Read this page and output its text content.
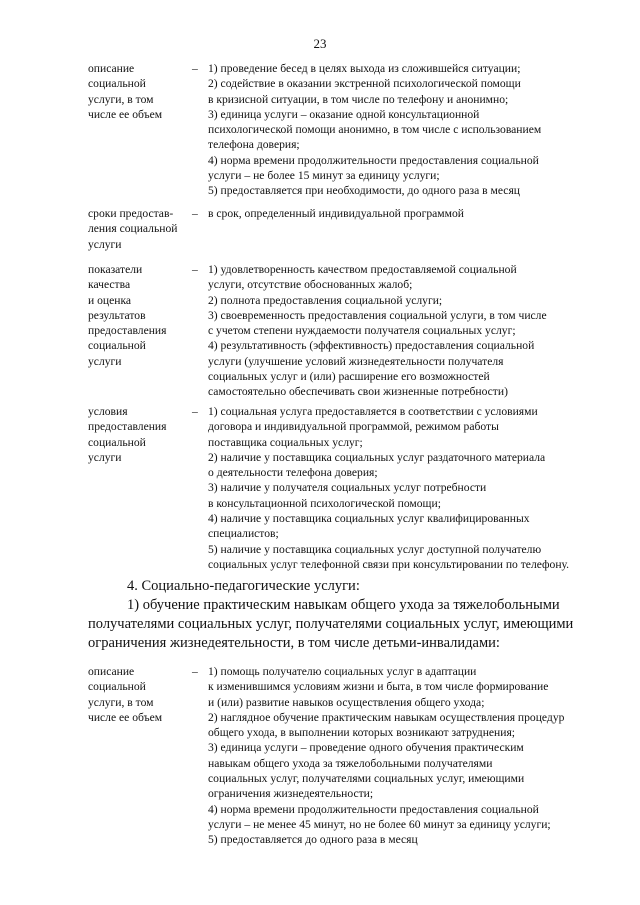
23
описание
социальной
услуги, в том
числе ее объем
– 1) проведение бесед в целях выхода из сложившейся ситуации;
2) содействие в оказании экстренной психологической помощи
в кризисной ситуации, в том числе по телефону и анонимно;
3) единица услуги – оказание одной консультационной
психологической помощи анонимно, в том числе с использованием
телефона доверия;
4) норма времени продолжительности предоставления социальной
услуги – не более 15 минут за единицу услуги;
5) предоставляется при необходимости, до одного раза в месяц
сроки предостав-
ления социальной
услуги
– в срок, определенный индивидуальной программой
показатели
качества
и оценка
результатов
предоставления
социальной
услуги
– 1) удовлетворенность качеством предоставляемой социальной
услуги, отсутствие обоснованных жалоб;
2) полнота предоставления социальной услуги;
3) своевременность предоставления социальной услуги, в том числе
с учетом степени нуждаемости получателя социальных услуг;
4) результативность (эффективность) предоставления социальной
услуги (улучшение условий жизнедеятельности получателя
социальных услуг и (или) расширение его возможностей
самостоятельно обеспечивать свои жизненные потребности)
условия
предоставления
социальной
услуги
– 1) социальная услуга предоставляется в соответствии с условиями
договора и индивидуальной программой, режимом работы
поставщика социальных услуг;
2) наличие у поставщика социальных услуг раздаточного материала
о деятельности телефона доверия;
3) наличие у получателя социальных услуг потребности
в консультационной психологической помощи;
4) наличие у поставщика социальных услуг квалифицированных
специалистов;
5) наличие у поставщика социальных услуг доступной получателю
социальных услуг телефонной связи при консультировании по телефону.
4. Социально-педагогические услуги:
1) обучение практическим навыкам общего ухода за тяжелобольными
получателями социальных услуг, получателями социальных услуг, имеющими
ограничения жизнедеятельности, в том числе детьми-инвалидами:
описание
социальной
услуги, в том
числе ее объем
– 1) помощь получателю социальных услуг в адаптации
к изменившимся условиям жизни и быта, в том числе формирование
и (или) развитие навыков осуществления общего ухода;
2) наглядное обучение практическим навыкам осуществления процедур
общего ухода, в выполнении которых возникают затруднения;
3) единица услуги – проведение одного обучения практическим
навыкам общего ухода за тяжелобольными получателями
социальных услуг, получателями социальных услуг, имеющими
ограничения жизнедеятельности;
4) норма времени продолжительности предоставления социальной
услуги – не менее 45 минут, но не более 60 минут за единицу услуги;
5) предоставляется до одного раза в месяц
